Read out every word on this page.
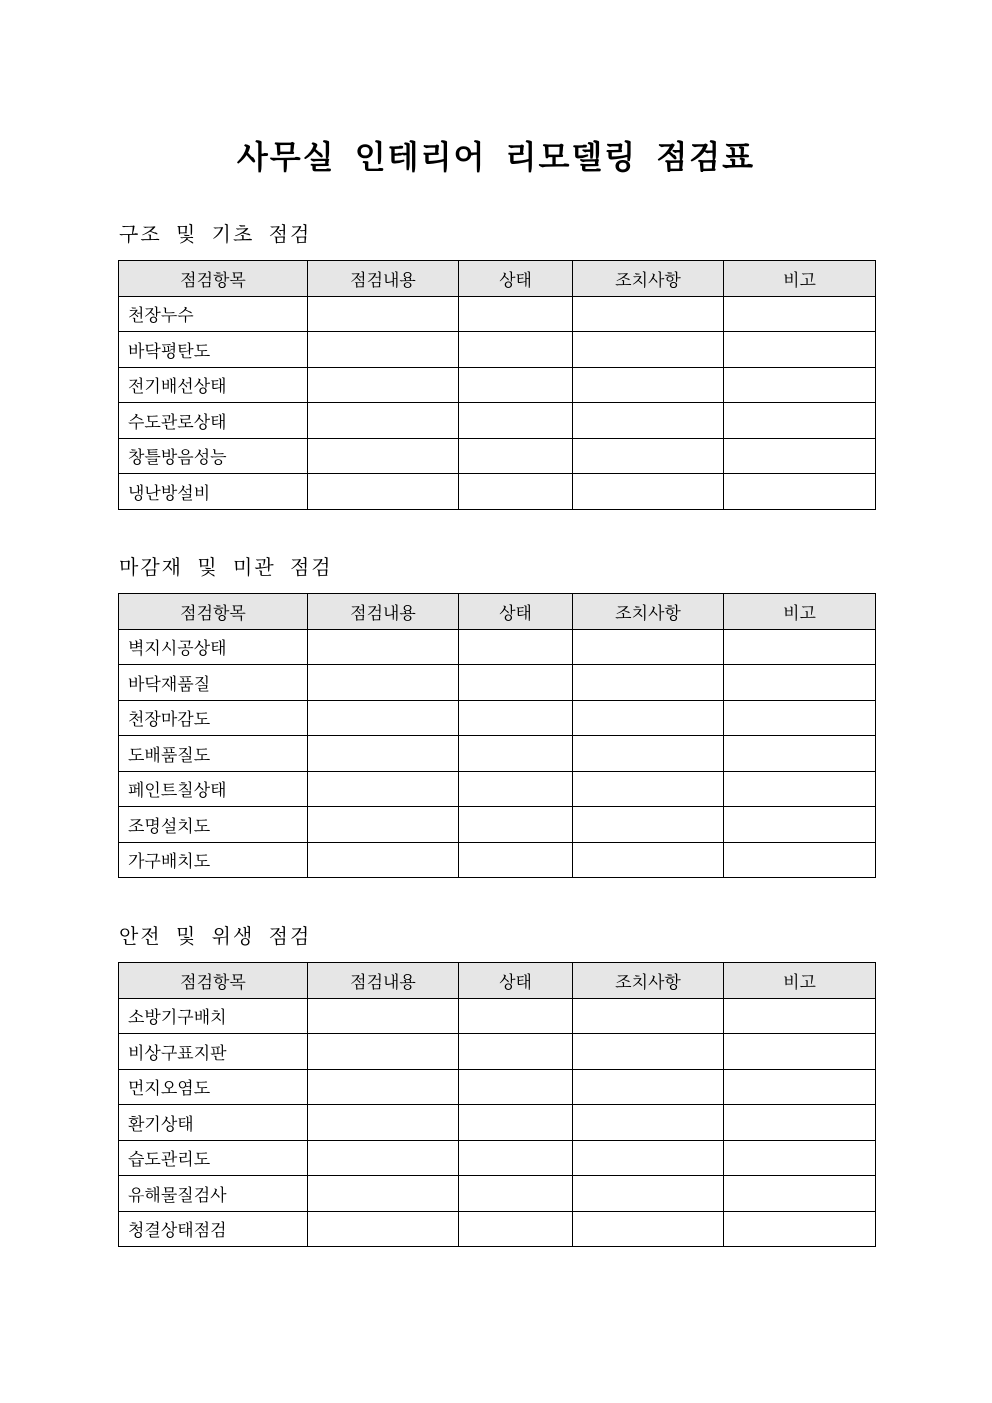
사무실 인테리어 리모델링 점검표
구조 및 기초 점검
점검항목	점검내용	상태	조치사항	비고
천장누수				
바닥평탄도				
전기배선상태				
수도관로상태				
창틀방음성능				
냉난방설비				
마감재 및 미관 점검
점검항목	점검내용	상태	조치사항	비고
벽지시공상태				
바닥재품질				
천장마감도				
도배품질도				
페인트칠상태				
조명설치도				
가구배치도				
안전 및 위생 점검
점검항목	점검내용	상태	조치사항	비고
소방기구배치				
비상구표지판				
먼지오염도				
환기상태				
습도관리도				
유해물질검사				
청결상태점검				
